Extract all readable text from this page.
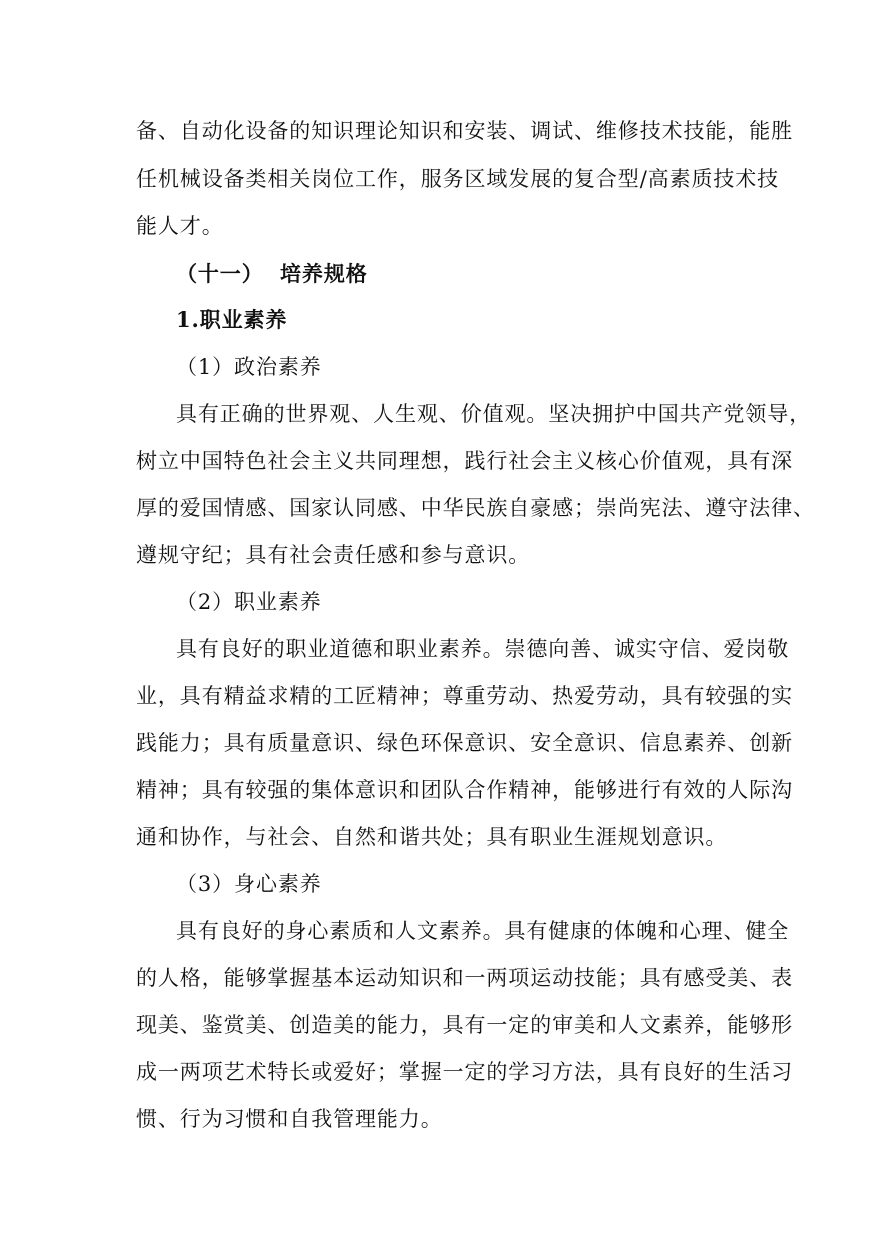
备、自动化设备的知识理论知识和安装、调试、维修技术技能，能胜
任机械设备类相关岗位工作，服务区域发展的复合型/高素质技术技
能人才。
（十一）  培养规格
1.职业素养
（1）政治素养
具有正确的世界观、人生观、价值观。坚决拥护中国共产党领导，
树立中国特色社会主义共同理想，践行社会主义核心价值观，具有深
厚的爱国情感、国家认同感、中华民族自豪感；崇尚宪法、遵守法律、
遵规守纪；具有社会责任感和参与意识。
（2）职业素养
具有良好的职业道德和职业素养。崇德向善、诚实守信、爱岗敬
业，具有精益求精的工匠精神；尊重劳动、热爱劳动，具有较强的实
践能力；具有质量意识、绿色环保意识、安全意识、信息素养、创新
精神；具有较强的集体意识和团队合作精神，能够进行有效的人际沟
通和协作，与社会、自然和谐共处；具有职业生涯规划意识。
（3）身心素养
具有良好的身心素质和人文素养。具有健康的体魄和心理、健全
的人格，能够掌握基本运动知识和一两项运动技能；具有感受美、表
现美、鉴赏美、创造美的能力，具有一定的审美和人文素养，能够形
成一两项艺术特长或爱好；掌握一定的学习方法，具有良好的生活习
惯、行为习惯和自我管理能力。
